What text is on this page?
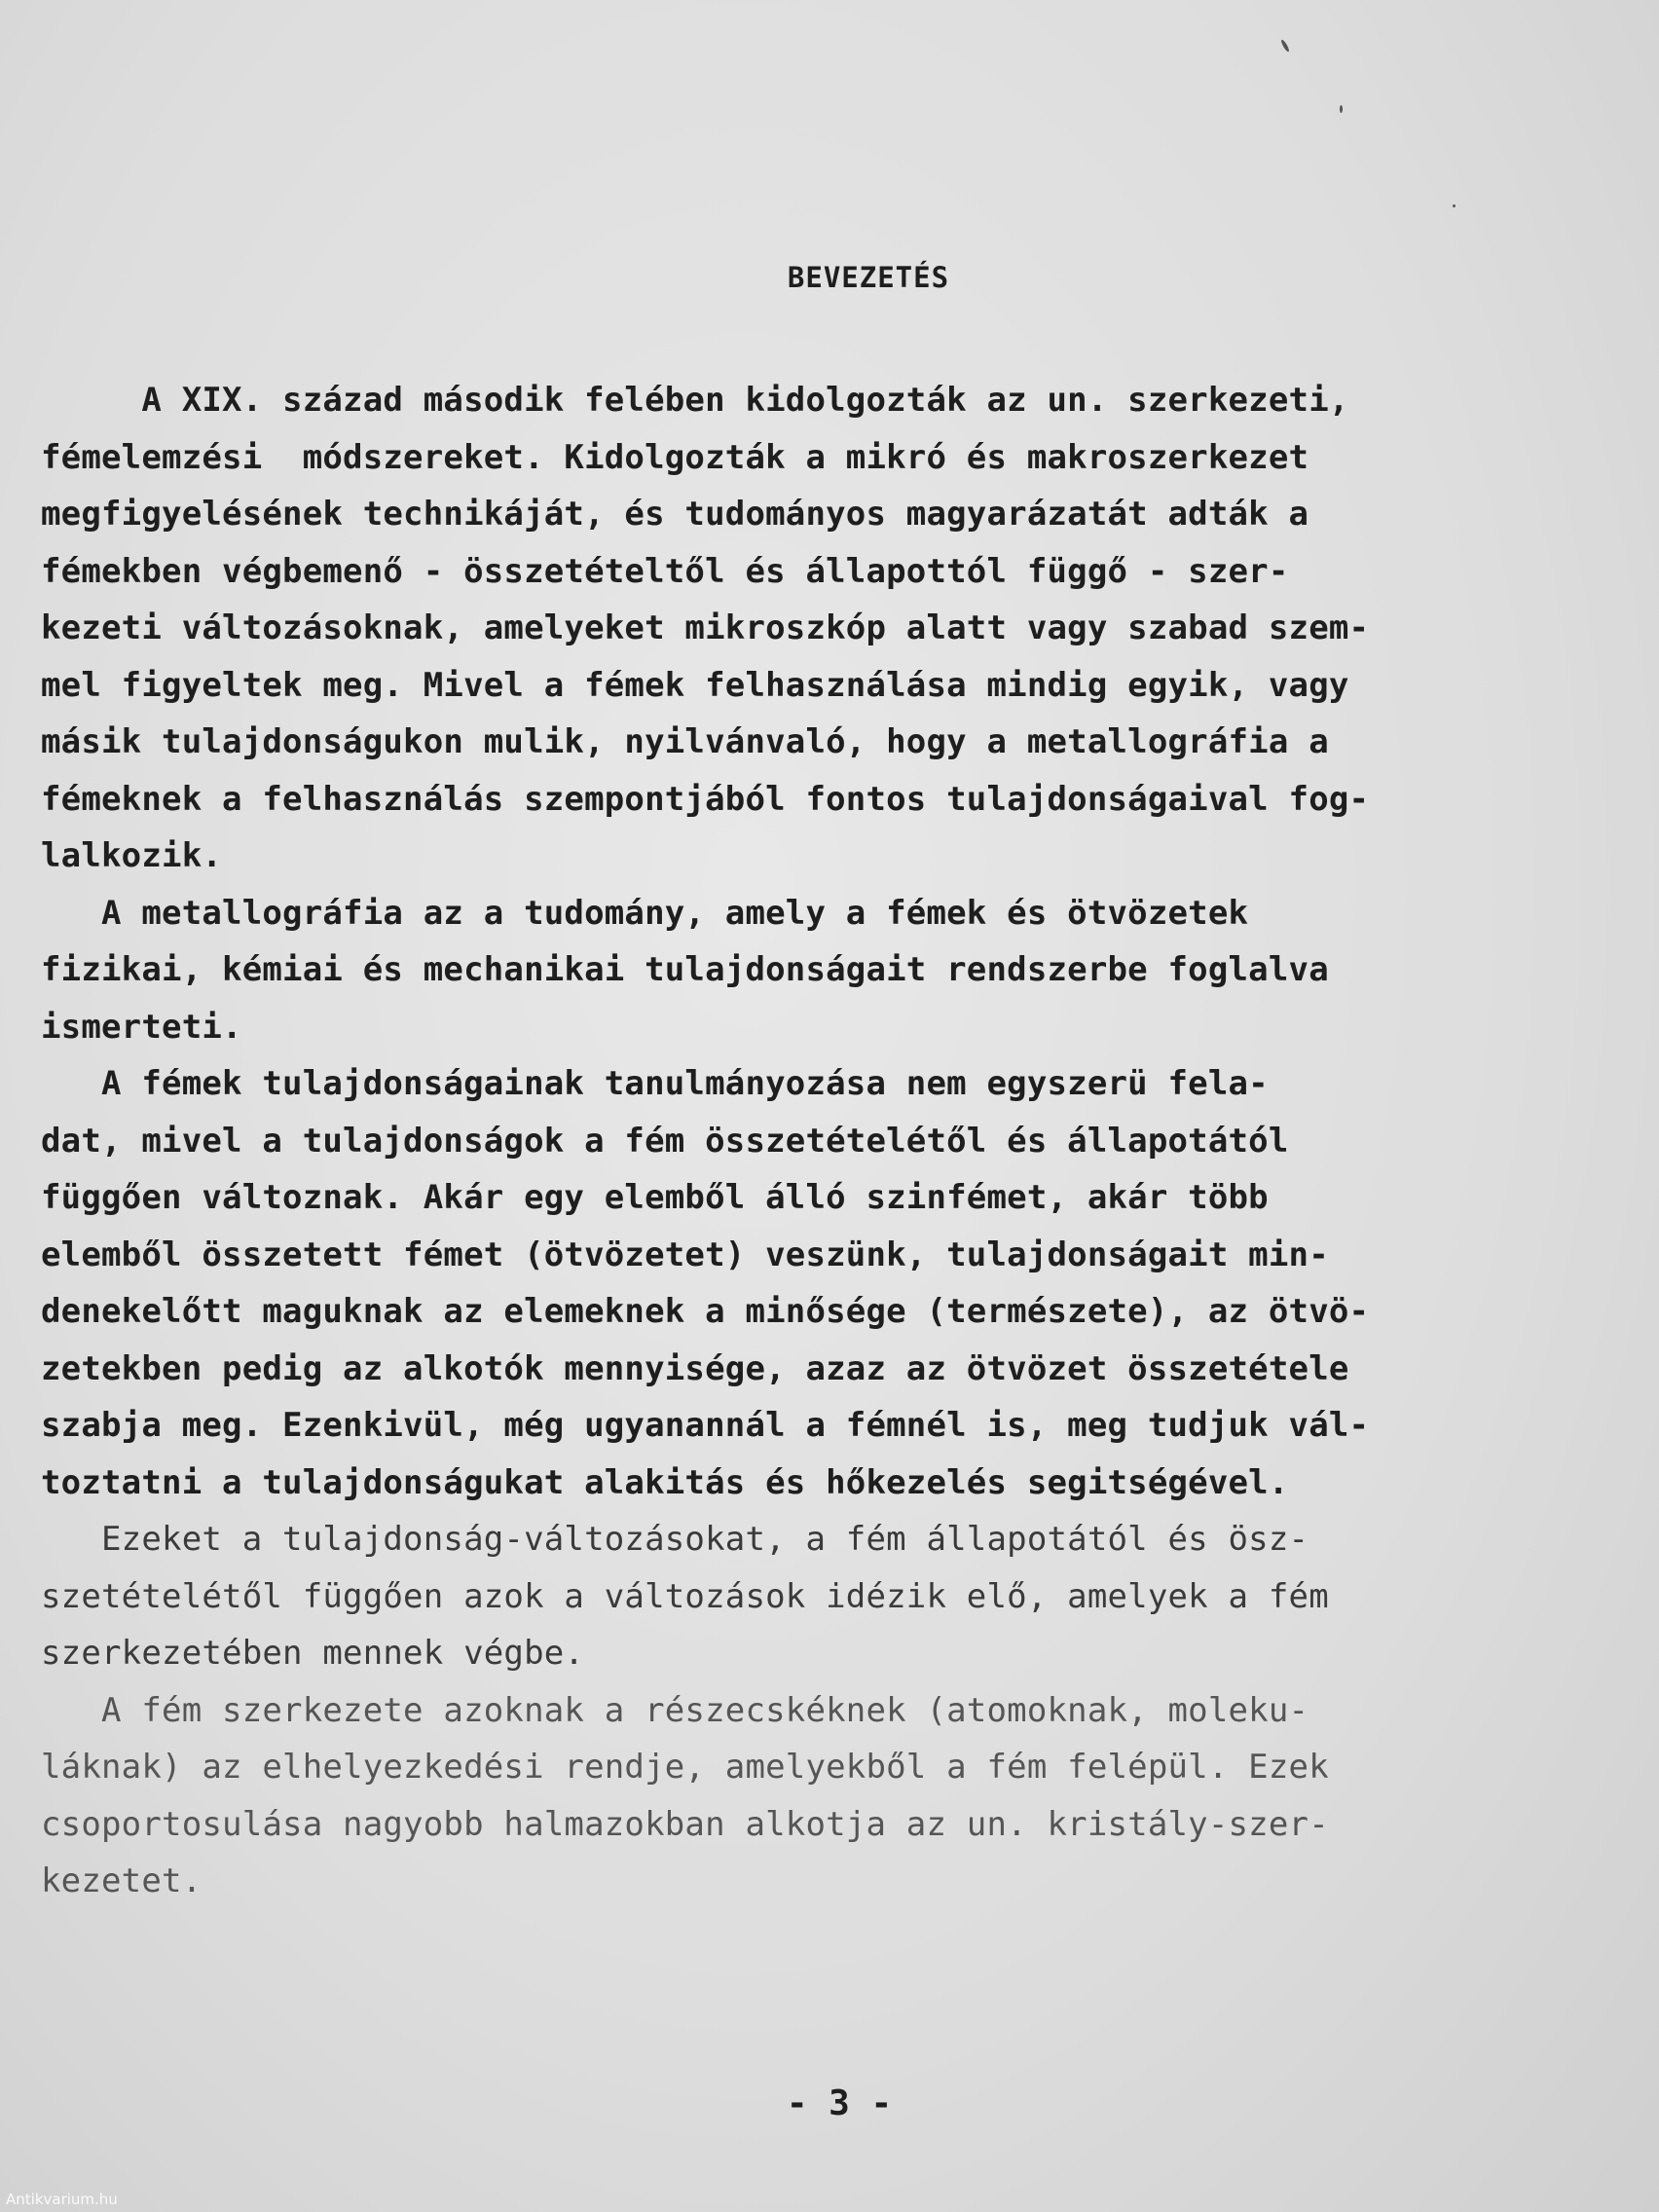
BEVEZETÉS
A XIX. század második felében kidolgozták az un. szerkezeti,
fémelemzési  módszereket. Kidolgozták a mikró és makroszerkezet
megfigyelésének technikáját, és tudományos magyarázatát adták a
fémekben végbemenő - összetételtől és állapottól függő - szer-
kezeti változásoknak, amelyeket mikroszkóp alatt vagy szabad szem-
mel figyeltek meg. Mivel a fémek felhasználása mindig egyik, vagy
másik tulajdonságukon mulik, nyilvánvaló, hogy a metallográfia a
fémeknek a felhasználás szempontjából fontos tulajdonságaival fog-
lalkozik.
A metallográfia az a tudomány, amely a fémek és ötvözetek
fizikai, kémiai és mechanikai tulajdonságait rendszerbe foglalva
ismerteti.
A fémek tulajdonságainak tanulmányozása nem egyszerü fela-
dat, mivel a tulajdonságok a fém összetételétől és állapotától
függően változnak. Akár egy elemből álló szinfémet, akár több
elemből összetett fémet (ötvözetet) veszünk, tulajdonságait min-
denekelőtt maguknak az elemeknek a minősége (természete), az ötvö-
zetekben pedig az alkotók mennyisége, azaz az ötvözet összetétele
szabja meg. Ezenkivül, még ugyanannál a fémnél is, meg tudjuk vál-
toztatni a tulajdonságukat alakitás és hőkezelés segitségével.
Ezeket a tulajdonság-változásokat, a fém állapotától és ösz-
szetételétől függően azok a változások idézik elő, amelyek a fém
szerkezetében mennek végbe.
A fém szerkezete azoknak a részecskéknek (atomoknak, moleku-
láknak) az elhelyezkedési rendje, amelyekből a fém felépül. Ezek
csoportosulása nagyobb halmazokban alkotja az un. kristály-szer-
kezetet.
- 3 -
Antikvarium.hu
